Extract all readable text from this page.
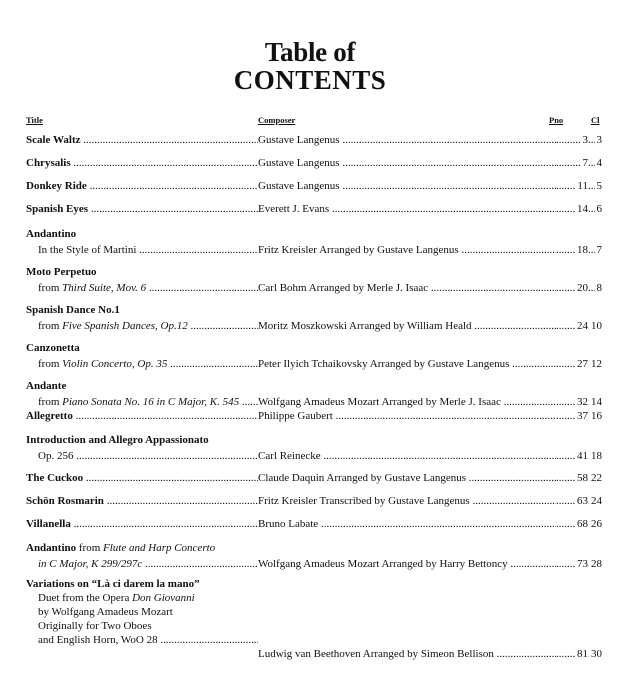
Table of
CONTENTS
Title	Composer	Pno	Cl
Scale Waltz .....	Gustave Langenus ..... .....	3 ..... 3
Chrysalis .....	Gustave Langenus ..... .....	7 ..... 4
Donkey Ride .....	Gustave Langenus ..... .....	11 ..... 5
Spanish Eyes .....	Everett J. Evans ..... .....	14 ..... 6
Andantino
In the Style of Martini .....	Fritz Kreisler Arranged by Gustave Langenus ..... .....	18 ..... 7
Moto Perpetuo
from Third Suite, Mov. 6 .....	Carl Bohm Arranged by Merle J. Isaac ..... .....	20 ..... 8
Spanish Dance No.1
from Five Spanish Dances, Op.12 .....	Moritz Moszkowski Arranged by William Heald ..... .....	24 ..... 10
Canzonetta
from Violin Concerto, Op. 35 .....	Peter Ilyich Tchaikovsky Arranged by Gustave Langenus ..... .....	27 ..... 12
Andante
from Piano Sonata No. 16 in C Major, K. 545 .....	Wolfgang Amadeus Mozart Arranged by Merle J. Isaac ..... .....	32 ..... 14
Allegretto .....	Philippe Gaubert ..... .....	37 ..... 16
Introduction and Allegro Appassionato
Op. 256 .....	Carl Reinecke ..... .....	41 ..... 18
The Cuckoo .....	Claude Daquin Arranged by Gustave Langenus ..... .....	58 ..... 22
Schön Rosmarin .....	Fritz Kreisler Transcribed by Gustave Langenus ..... .....	63 ..... 24
Villanella .....	Bruno Labate ..... .....	68 ..... 26
Andantino from Flute and Harp Concerto
in C Major, K 299/297c .....	Wolfgang Amadeus Mozart Arranged by Harry Bettoncy ..... .....	73 ..... 28
Variations on “Là ci darem la mano”
Duet from the Opera Don Giovanni
by Wolfgang Amadeus Mozart
Originally for Two Oboes
and English Horn, WoO 28 .....
Ludwig van Beethoven Arranged by Simeon Bellison ..... .....	81 ..... 30
